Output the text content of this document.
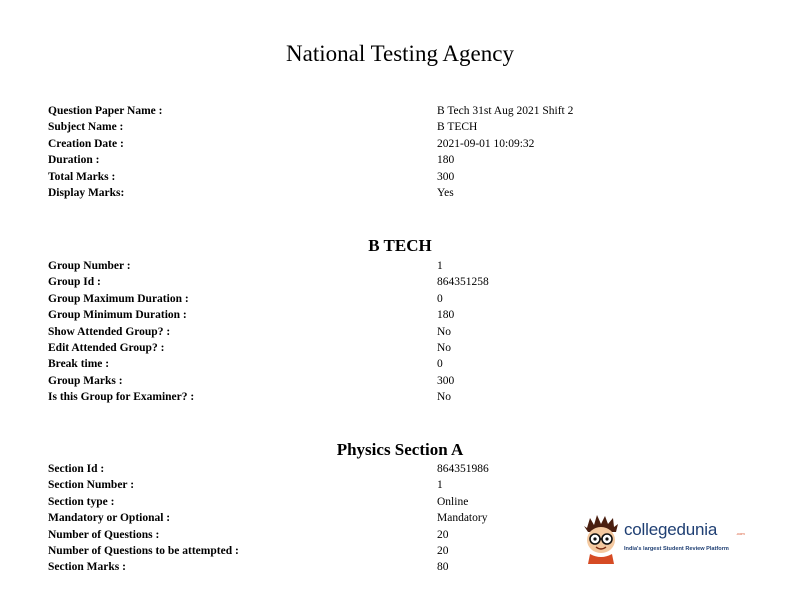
National Testing Agency
Question Paper Name :	B Tech 31st Aug 2021 Shift 2
Subject Name :	B TECH
Creation Date :	2021-09-01 10:09:32
Duration :	180
Total Marks :	300
Display Marks:	Yes
B TECH
Group Number :	1
Group Id :	864351258
Group Maximum Duration :	0
Group Minimum Duration :	180
Show Attended Group? :	No
Edit Attended Group? :	No
Break time :	0
Group Marks :	300
Is this Group for Examiner? :	No
Physics Section A
Section Id :	864351986
Section Number :	1
Section type :	Online
Mandatory or Optional :	Mandatory
Number of Questions :	20
Number of Questions to be attempted :	20
Section Marks :	80
collegedunia	.com
India's largest Student Review Platform
